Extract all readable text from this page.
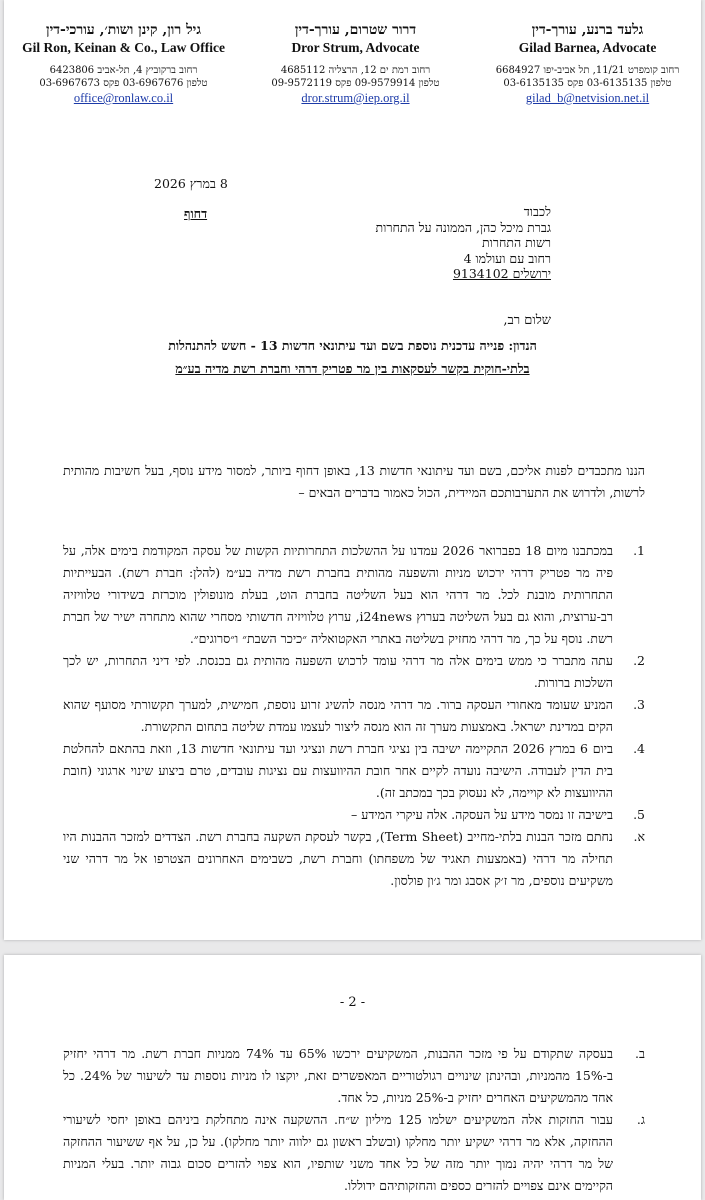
גלעד ברנע, עורך-דין
Gilad Barnea, Advocate
רחוב קומפרט 11/21, תל אביב-יפו 6684927
טלפון 03-6135135 פקס 03-6135135
gilad_b@netvision.net.il
דרור שטרום, עורך-דין
Dror Strum, Advocate
רחוב רמת ים 12, הרצליה 4685112
טלפון 09-9579914 פקס 09-9572119
dror.strum@iep.org.il
גיל רון, קינן ושות׳, עורכי-דין
Gil Ron, Keinan & Co., Law Office
רחוב ברקוביץ 4, תל-אביב 6423806
טלפון 03-6967676 פקס 03-6967673
office@ronlaw.co.il
8 במרץ 2026
דחוף	לכבוד
גברת מיכל כהן, הממונה על התחרות
רשות התחרות
רחוב עם ועולמו 4
ירושלים 9134102
שלום רב,
הנדון: פנייה עדכנית נוספת בשם ועד עיתונאי חדשות 13 - חשש להתנהלות
בלתי-חוקית בקשר לעסקאות בין מר פטריק דרהי וחברת רשת מדיה בע״מ
הננו מתכבדים לפנות אליכם, בשם ועד עיתונאי חדשות 13, באופן דחוף ביותר, למסור מידע נוסף, בעל חשיבות מהותית לרשות, ולדרוש את התערבותכם המיידית, הכול כאמור בדברים הבאים –
1.
במכתבנו מיום 18 בפברואר 2026 עמדנו על ההשלכות התחרותיות הקשות של עסקה המקודמת בימים אלה, על פיה מר פטריק דרהי ירכוש מניות והשפעה מהותית בחברת רשת מדיה בע״מ (להלן: חברת רשת). הבעייתיות התחרותית מובנת לכל. מר דרהי הוא בעל השליטה בחברת הוט, בעלת מונופולין מוכרזת בשידורי טלוויזיה רב-ערוצית, והוא גם בעל השליטה בערוץ i24news, ערוץ טלוויזיה חדשותי מסחרי שהוא מתחרה ישיר של חברת רשת. נוסף על כך, מר דרהי מחזיק בשליטה באתרי האקטואליה ״כיכר השבת״ ו״סרוגים״.
2.
עתה מתברר כי ממש בימים אלה מר דרהי עומד לרכוש השפעה מהותית גם בכנסת. לפי דיני התחרות, יש לכך השלכות ברורות.
3.
המניע שעומד מאחורי העסקה ברור. מר דרהי מנסה להשיג זרוע נוספת, חמישית, למערך תקשורתי מסועף שהוא הקים במדינת ישראל. באמצעות מערך זה הוא מנסה ליצור לעצמו עמדת שליטה בתחום התקשורת.
4.
ביום 6 במרץ 2026 התקיימה ישיבה בין נציגי חברת רשת ונציגי ועד עיתונאי חדשות 13, וזאת בהתאם להחלטת בית הדין לעבודה. הישיבה נועדה לקיים אחר חובת ההיוועצות עם נציגות עובדים, טרם ביצוע שינוי ארגוני (חובת ההיוועצות לא קויימה, לא נעסוק בכך במכתב זה).
5.
בישיבה זו נמסר מידע על העסקה. אלה עיקרי המידע –
א.
נחתם מזכר הבנות בלתי-מחייב (Term Sheet), בקשר לעסקת השקעה בחברת רשת. הצדדים למזכר ההבנות היו תחילה מר דרהי (באמצעות תאגיד של משפחתו) וחברת רשת, כשבימים האחרונים הצטרפו אל מר דרהי שני משקיעים נוספים, מר ז׳ק אסבג ומר ג׳ון פולסון.
- 2 -
ב.
בעסקה שתקודם על פי מזכר ההבנות, המשקיעים ירכשו 65% עד 74% ממניות חברת רשת. מר דרהי יחזיק ב-15% מהמניות, ובהינתן שינויים רגולטוריים המאפשרים זאת, יוקצו לו מניות נוספות עד לשיעור של 24%. כל אחד מהמשקיעים האחרים יחזיק ב-25% מניות, כל אחד.
ג.
עבור החזקות אלה המשקיעים ישלמו 125 מיליון ש״ח. ההשקעה אינה מתחלקת ביניהם באופן יחסי לשיעורי ההחזקה, אלא מר דרהי ישקיע יותר מחלקו (ובשלב ראשון גם ילווה יותר מחלקו). על כן, על אף ששיעור ההחזקה של מר דרהי יהיה נמוך יותר מזה של כל אחד משני שותפיו, הוא צפוי להזרים סכום גבוה יותר. בעלי המניות הקיימים אינם צפויים להזרים כספים והחזקותיהם ידוללו.
